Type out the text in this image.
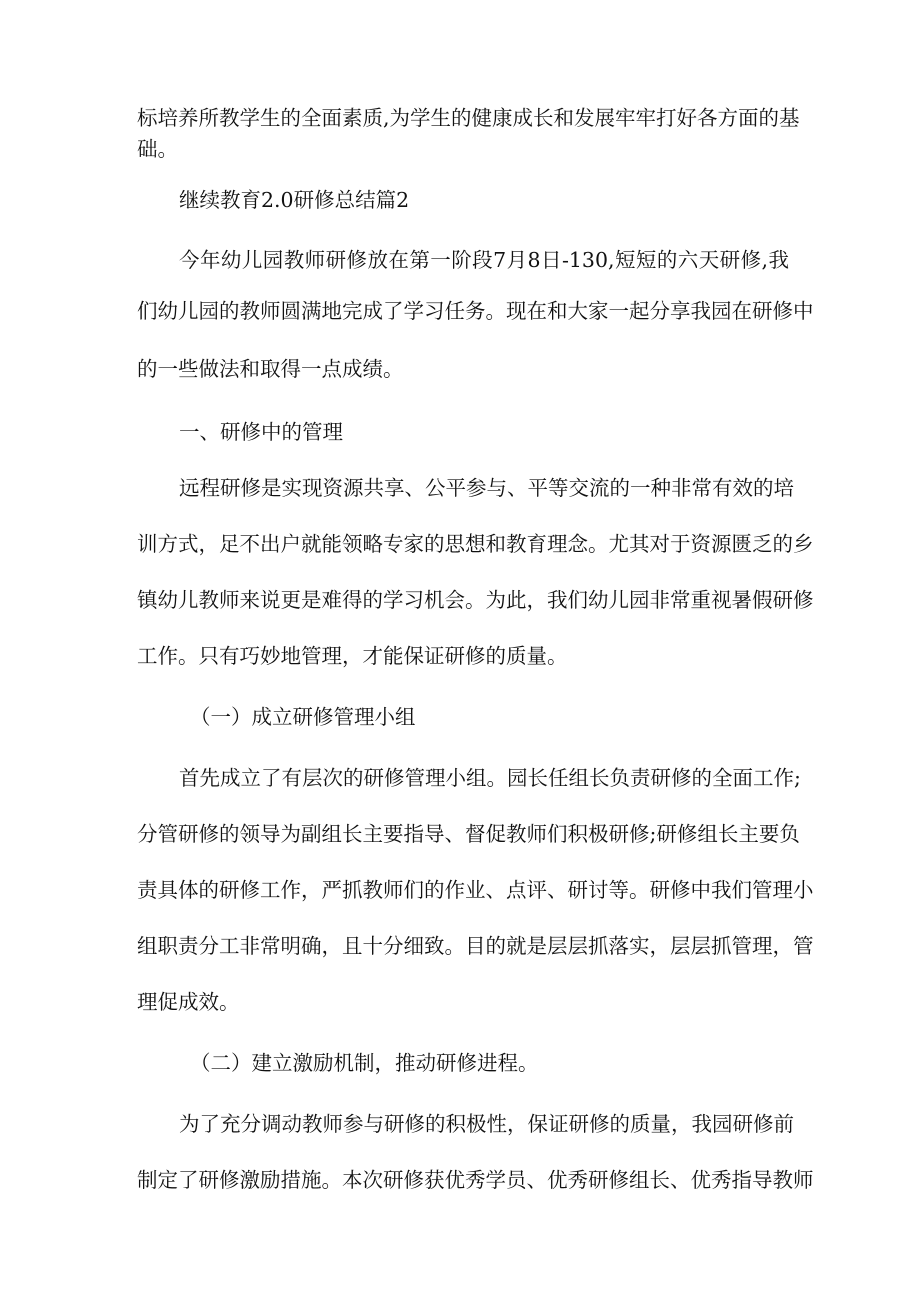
标培养所教学生的全面素质,为学生的健康成长和发展牢牢打好各方面的基
础。
继续教育2.0研修总结篇2
今年幼儿园教师研修放在第一阶段7月8日-130,短短的六天研修,我
们幼儿园的教师圆满地完成了学习任务。现在和大家一起分享我园在研修中
的一些做法和取得一点成绩。
一、研修中的管理
远程研修是实现资源共享、公平参与、平等交流的一种非常有效的培
训方式，足不出户就能领略专家的思想和教育理念。尤其对于资源匮乏的乡
镇幼儿教师来说更是难得的学习机会。为此，我们幼儿园非常重视暑假研修
工作。只有巧妙地管理，才能保证研修的质量。
（一）成立研修管理小组
首先成立了有层次的研修管理小组。园长任组长负责研修的全面工作;
分管研修的领导为副组长主要指导、督促教师们积极研修;研修组长主要负
责具体的研修工作，严抓教师们的作业、点评、研讨等。研修中我们管理小
组职责分工非常明确，且十分细致。目的就是层层抓落实，层层抓管理，管
理促成效。
（二）建立激励机制，推动研修进程。
为了充分调动教师参与研修的积极性，保证研修的质量，我园研修前
制定了研修激励措施。本次研修获优秀学员、优秀研修组长、优秀指导教师
